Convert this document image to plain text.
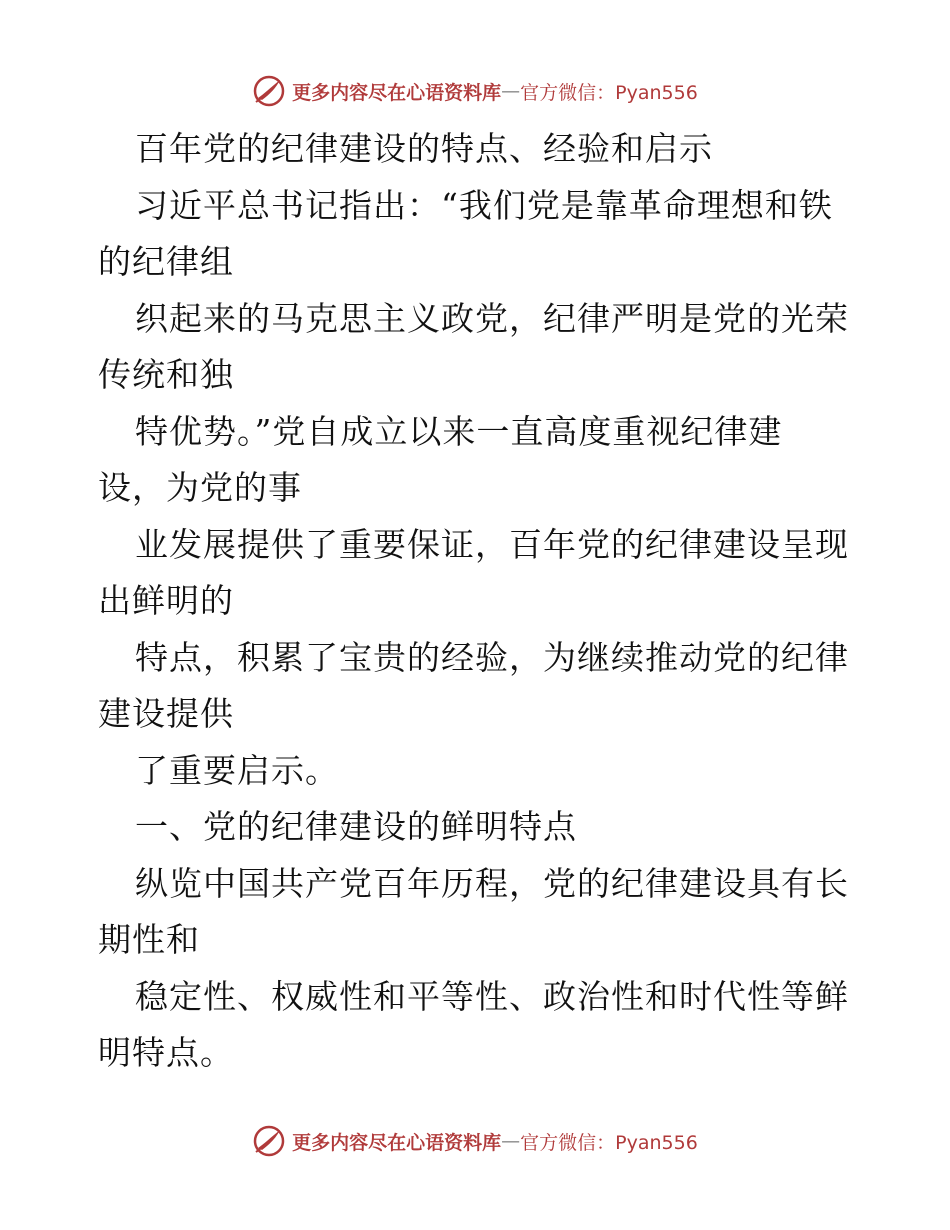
更多内容尽在心语资料库 — 官方微信：Pyan556
百年党的纪律建设的特点、经验和启示
习近平总书记指出：“我们党是靠革命理想和铁
的纪律组
织起来的马克思主义政党，纪律严明是党的光荣
传统和独
特优势。”党自成立以来一直高度重视纪律建
设，为党的事
业发展提供了重要保证，百年党的纪律建设呈现
出鲜明的
特点，积累了宝贵的经验，为继续推动党的纪律
建设提供
了重要启示。
一、党的纪律建设的鲜明特点
纵览中国共产党百年历程，党的纪律建设具有长
期性和
稳定性、权威性和平等性、政治性和时代性等鲜
明特点。
更多内容尽在心语资料库 — 官方微信：Pyan556
